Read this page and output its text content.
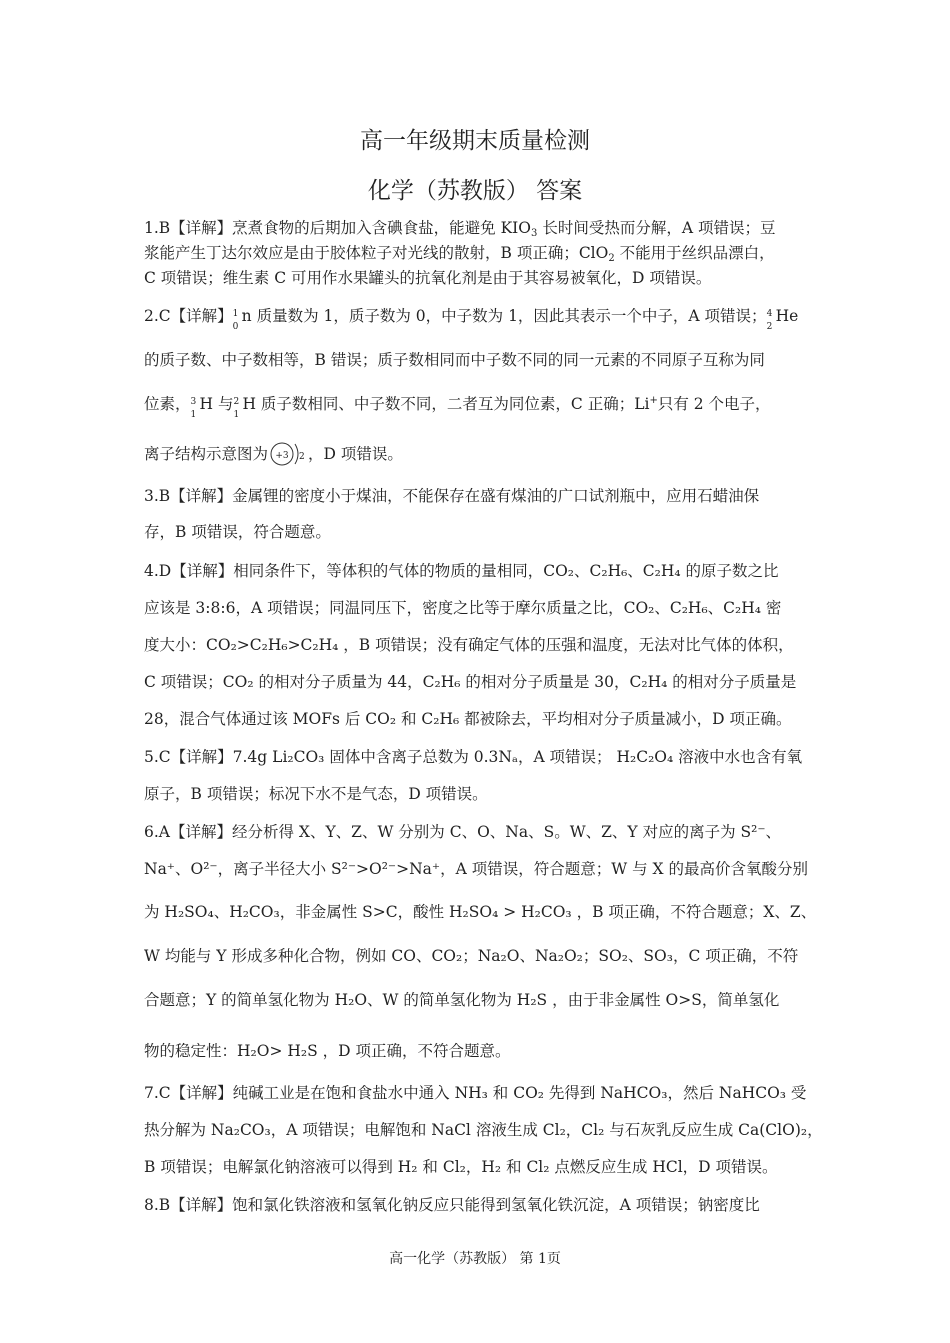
高一年级期末质量检测
化学（苏教版） 答案
1.B【详解】烹煮食物的后期加入含碘食盐，能避免 $KIO_3$ 长时间受热而分解，A 项错误；豆
浆能产生丁达尔效应是由于胶体粒子对光线的散射，B 项正确；ClO$_2$ 不能用于丝织品漂白，
C 项错误；维生素 C 可用作水果罐头的抗氧化剂是由于其容易被氧化，D 项错误。
2.C【详解】 1
0
n 质量数为 1，质子数为 0，中子数为 1，因此其表示一个中子，A 项错误； 4
2
He
的质子数、中子数相等，B 错误；质子数相同而中子数不同的同一元素的不同原子互称为同
位素， 3
1
H 与 2
1
H 质子数相同、中子数不同，二者互为同位素，C 正确；Li+只有 2 个电子，
离子结构示意图为 +3 2 ，D 项错误。
3.B【详解】金属锂的密度小于煤油，不能保存在盛有煤油的广口试剂瓶中，应用石蜡油保
存，B 项错误，符合题意。
4.D【详解】相同条件下，等体积的气体的物质的量相同，CO₂、C₂H₆、C₂H₄ 的原子数之比
应该是 3:8:6，A 项错误；同温同压下，密度之比等于摩尔质量之比，CO₂、C₂H₆、C₂H₄ 密
度大小：CO₂>C₂H₆>C₂H₄ ，B 项错误；没有确定气体的压强和温度，无法对比气体的体积，
C 项错误；CO₂ 的相对分子质量为 44，C₂H₆ 的相对分子质量是 30，C₂H₄ 的相对分子质量是
28，混合气体通过该 MOFs 后 CO₂ 和 C₂H₆ 都被除去，平均相对分子质量减小，D 项正确。
5.C【详解】7.4g Li₂CO₃ 固体中含离子总数为 0.3Nₐ，A 项错误； H₂C₂O₄ 溶液中水也含有氧
原子，B 项错误；标况下水不是气态，D 项错误。
6.A【详解】经分析得 X、Y、Z、W 分别为 C、O、Na、S。W、Z、Y 对应的离子为 S²⁻、
Na⁺、O²⁻，离子半径大小 S²⁻>O²⁻>Na⁺，A 项错误，符合题意；W 与 X 的最高价含氧酸分别
为 H₂SO₄、H₂CO₃，非金属性 S>C，酸性 H₂SO₄ > H₂CO₃ ，B 项正确，不符合题意；X、Z、
W 均能与 Y 形成多种化合物，例如 CO、CO₂；Na₂O、Na₂O₂；SO₂、SO₃，C 项正确，不符
合题意；Y 的简单氢化物为 H₂O、W 的简单氢化物为 H₂S ，由于非金属性 O>S，简单氢化
物的稳定性：H₂O> H₂S ，D 项正确，不符合题意。
7.C【详解】纯碱工业是在饱和食盐水中通入 NH₃ 和 CO₂ 先得到 NaHCO₃，然后 NaHCO₃ 受
热分解为 Na₂CO₃，A 项错误；电解饱和 NaCl 溶液生成 Cl₂，Cl₂ 与石灰乳反应生成 Ca(ClO)₂，
B 项错误；电解氯化钠溶液可以得到 H₂ 和 Cl₂，H₂ 和 Cl₂ 点燃反应生成 HCl，D 项错误。
8.B【详解】饱和氯化铁溶液和氢氧化钠反应只能得到氢氧化铁沉淀，A 项错误；钠密度比
高一化学（苏教版） 第 1页
